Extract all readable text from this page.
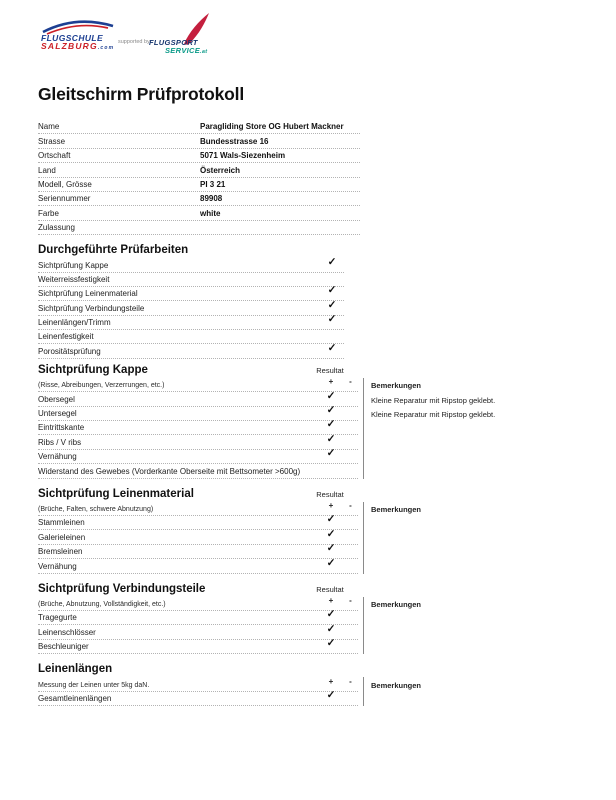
FLUGSCHULE
SALZBURG.com
supported by FLUGSPORT
SERVICE.at
Gleitschirm Prüfprotokoll
Name	Paragliding Store OG Hubert Mackner
Strasse	Bundesstrasse 16
Ortschaft	5071 Wals-Siezenheim
Land	Österreich
Modell, Grösse	PI 3 21
Seriennummer	89908
Farbe	white
Zulassung
Durchgeführte Prüfarbeiten
Sichtprüfung Kappe	✓
Weiterreissfestigkeit
Sichtprüfung Leinenmaterial	✓
Sichtprüfung Verbindungsteile	✓
Leinenlängen/Trimm	✓
Leinenfestigkeit
Porositätsprüfung	✓
Sichtprüfung Kappe	Resultat
(Risse, Abreibungen, Verzerrungen, etc.)	+	-	Bemerkungen
Obersegel	✓	Kleine Reparatur mit Ripstop geklebt.
Untersegel	✓	Kleine Reparatur mit Ripstop geklebt.
Eintrittskante	✓
Ribs / V ribs	✓
Vernähung	✓
Widerstand des Gewebes (Vorderkante Oberseite mit Bettsometer >600g)
Sichtprüfung Leinenmaterial	Resultat
(Brüche, Falten, schwere Abnutzung)	+	-	Bemerkungen
Stammleinen	✓
Galerieleinen	✓
Bremsleinen	✓
Vernähung	✓
Sichtprüfung Verbindungsteile	Resultat
(Brüche, Abnutzung, Vollständigkeit, etc.)	+	-	Bemerkungen
Tragegurte	✓
Leinenschlösser	✓
Beschleuniger	✓
Leinenlängen
Messung der Leinen unter 5kg daN.	+	-	Bemerkungen
Gesamtleinenlängen	✓
